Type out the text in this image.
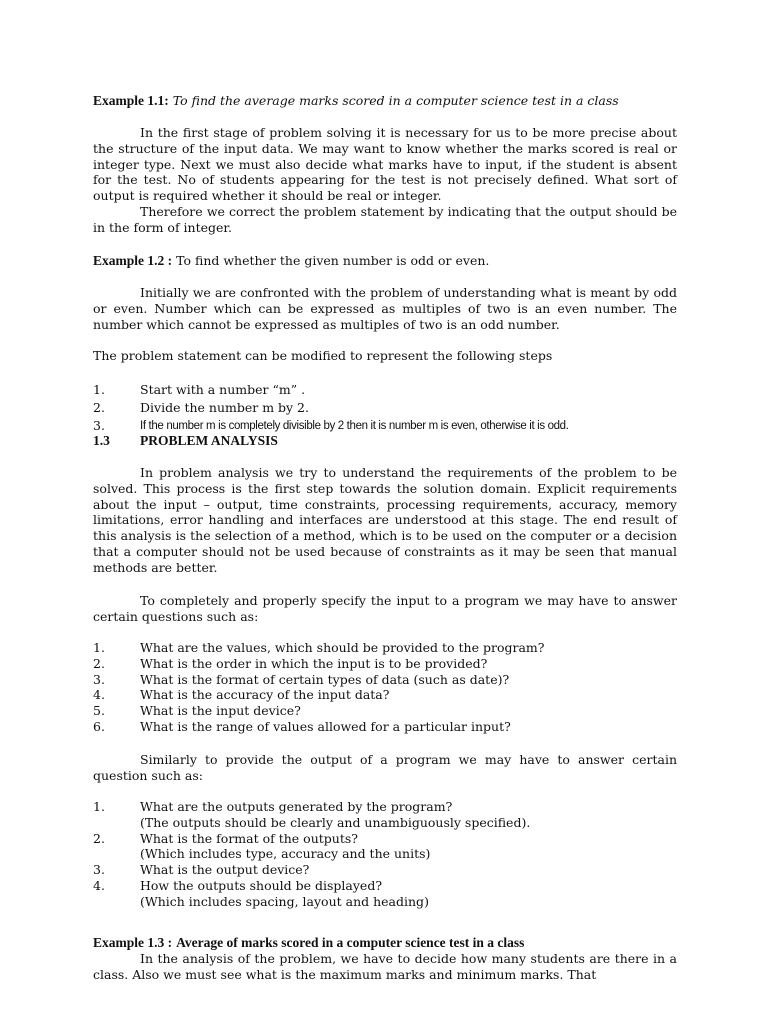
Example 1.1: To find the average marks scored in a computer science test in a class

In the first stage of problem solving it is necessary for us to be more precise about the structure of the input data. We may want to know whether the marks scored is real or integer type. Next we must also decide what marks have to input, if the student is absent for the test. No of students appearing for the test is not precisely defined. What sort of output is required whether it should be real or integer.

Therefore we correct the problem statement by indicating that the output should be in the form of integer.

Example 1.2 : To find whether the given number is odd or even.

Initially we are confronted with the problem of understanding what is meant by odd or even. Number which can be expressed as multiples of two is an even number. The number which cannot be expressed as multiples of two is an odd number.

The problem statement can be modified to represent the following steps

1.	Start with a number “m” .
2.	Divide the number m by 2.
3.	If the number m is completely divisible by 2 then it is number m is even, otherwise it is odd.
1.3 PROBLEM ANALYSIS

In problem analysis we try to understand the requirements of the problem to be solved. This process is the first step towards the solution domain. Explicit requirements about the input – output, time constraints, processing requirements, accuracy, memory limitations, error handling and interfaces are understood at this stage. The end result of this analysis is the selection of a method, which is to be used on the computer or a decision that a computer should not be used because of constraints as it may be seen that manual methods are better.

To completely and properly specify the input to a program we may have to answer certain questions such as:

1.	What are the values, which should be provided to the program?
2.	What is the order in which the input is to be provided?
3.	What is the format of certain types of data (such as date)?
4.	What is the accuracy of the input data?
5.	What is the input device?
6.	What is the range of values allowed for a particular input?

Similarly to provide the output of a program we may have to answer certain question such as:

1.	What are the outputs generated by the program?
(The outputs should be clearly and unambiguously specified).
2.	What is the format of the outputs?
(Which includes type, accuracy and the units)
3.	What is the output device?
4.	How the outputs should be displayed?
(Which includes spacing, layout and heading)
Example 1.3 : Average of marks scored in a computer science test in a class

In the analysis of the problem, we have to decide how many students are there in a class. Also we must see what is the maximum marks and minimum marks. That
